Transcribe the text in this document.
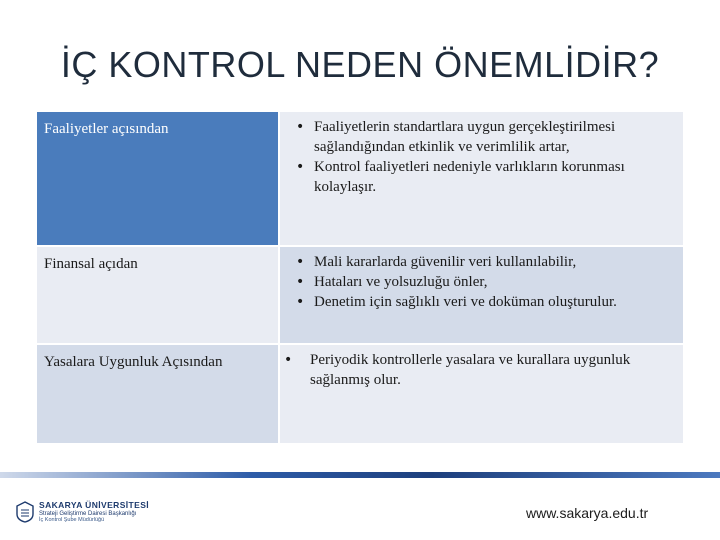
İÇ KONTROL NEDEN ÖNEMLİDİR?
Faaliyetler açısından	• Faaliyetlerin standartlara uygun gerçekleştirilmesi sağlandığından etkinlik ve verimlilik artar,
• Kontrol faaliyetleri nedeniyle varlıkların korunması kolaylaşır.
Finansal açıdan	• Mali kararlarda güvenilir veri kullanılabilir,
• Hataları ve yolsuzluğu önler,
• Denetim için sağlıklı veri ve doküman oluşturulur.
Yasalara Uygunluk Açısından	• Periyodik kontrollerle yasalara ve kurallara uygunluk sağlanmış olur.
SAKARYA ÜNİVERSİTESİ
Strateji Geliştirme Dairesi Başkanlığı
İç Kontrol Şube Müdürlüğü	www.sakarya.edu.tr
